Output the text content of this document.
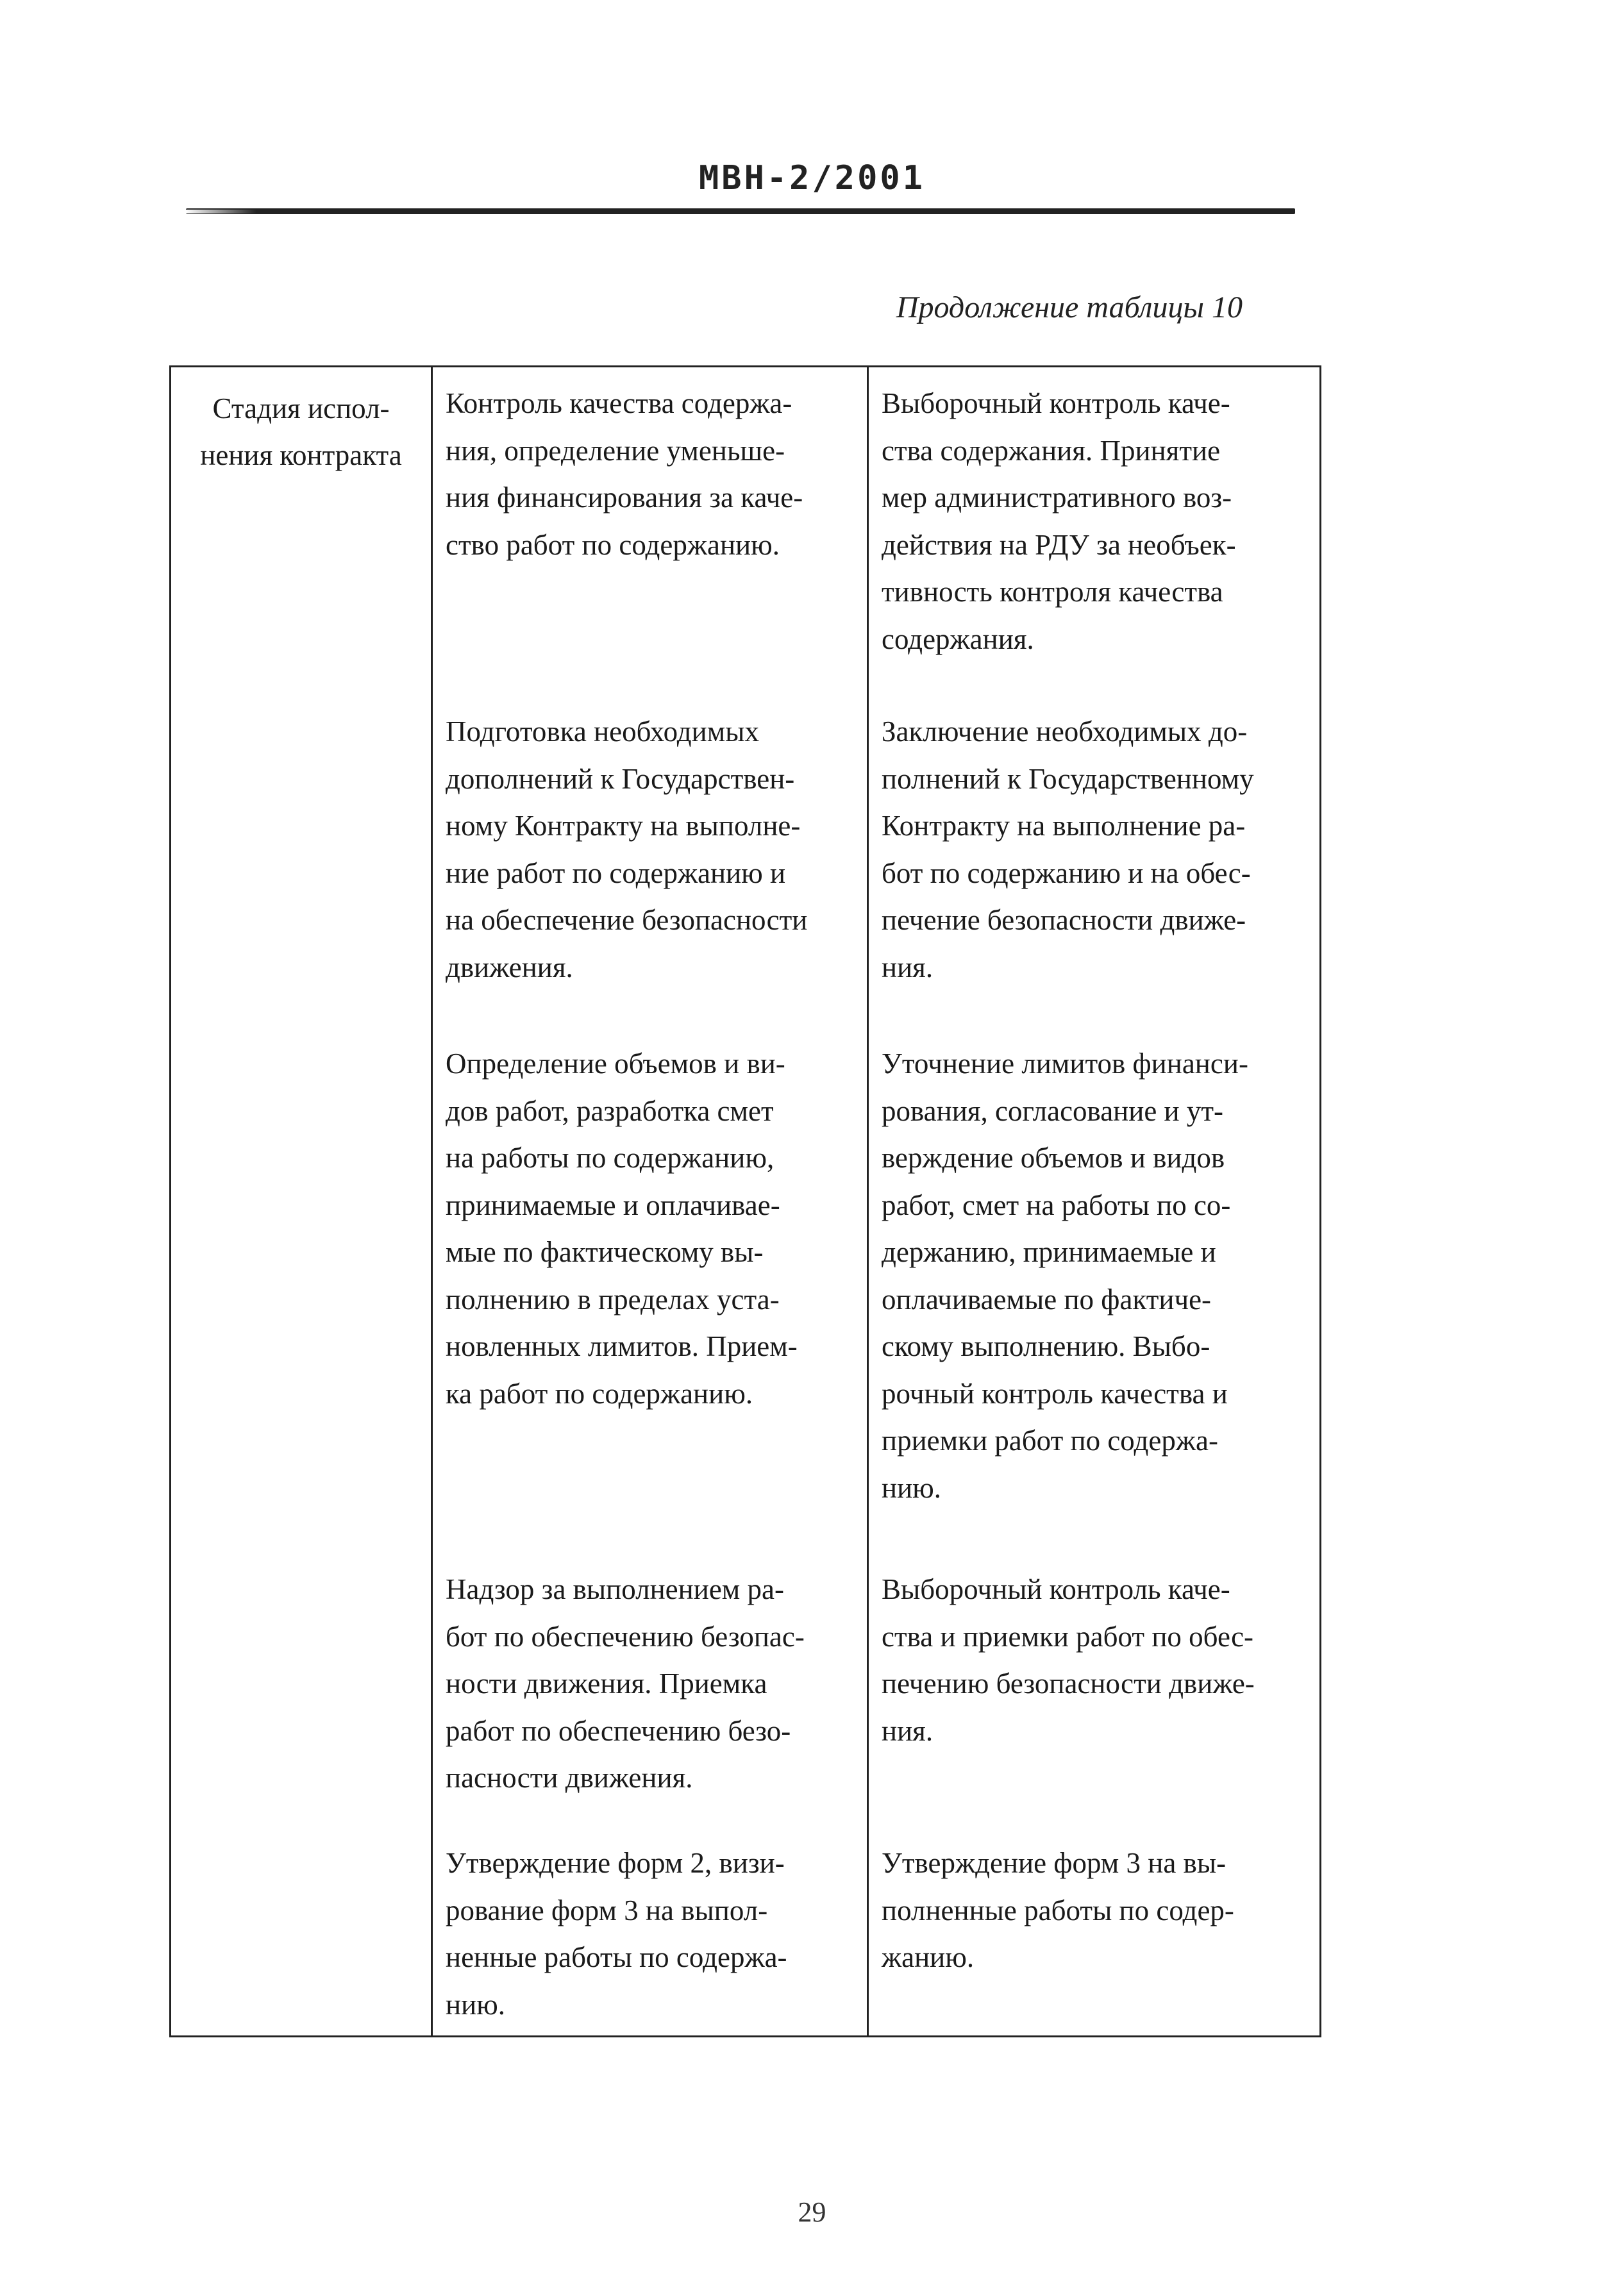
МВН-2/2001
Продолжение таблицы 10
Стадия испол-
нения контракта
Контроль качества содержа-
ния, определение уменьше-
ния финансирования за каче-
ство работ по содержанию.
Выборочный контроль каче-
ства содержания. Принятие
мер административного воз-
действия на РДУ за необъек-
тивность контроля качества
содержания.
Подготовка необходимых
дополнений к Государствен-
ному Контракту на выполне-
ние работ по содержанию и
на обеспечение безопасности
движения.
Заключение необходимых до-
полнений к Государственному
Контракту на выполнение ра-
бот по содержанию и на обес-
печение безопасности движе-
ния.
Определение объемов и ви-
дов работ, разработка смет
на работы по содержанию,
принимаемые и оплачивае-
мые по фактическому вы-
полнению в пределах уста-
новленных лимитов. Прием-
ка работ по содержанию.
Уточнение лимитов финанси-
рования, согласование и ут-
верждение объемов и видов
работ, смет на работы по со-
держанию, принимаемые и
оплачиваемые по фактиче-
скому выполнению. Выбо-
рочный контроль качества и
приемки работ по содержа-
нию.
Надзор за выполнением ра-
бот по обеспечению безопас-
ности движения. Приемка
работ по обеспечению безо-
пасности движения.
Выборочный контроль каче-
ства и приемки работ по обес-
печению безопасности движе-
ния.
Утверждение форм 2, визи-
рование форм 3 на выпол-
ненные работы по содержа-
нию.
Утверждение форм 3 на вы-
полненные работы по содер-
жанию.
29
